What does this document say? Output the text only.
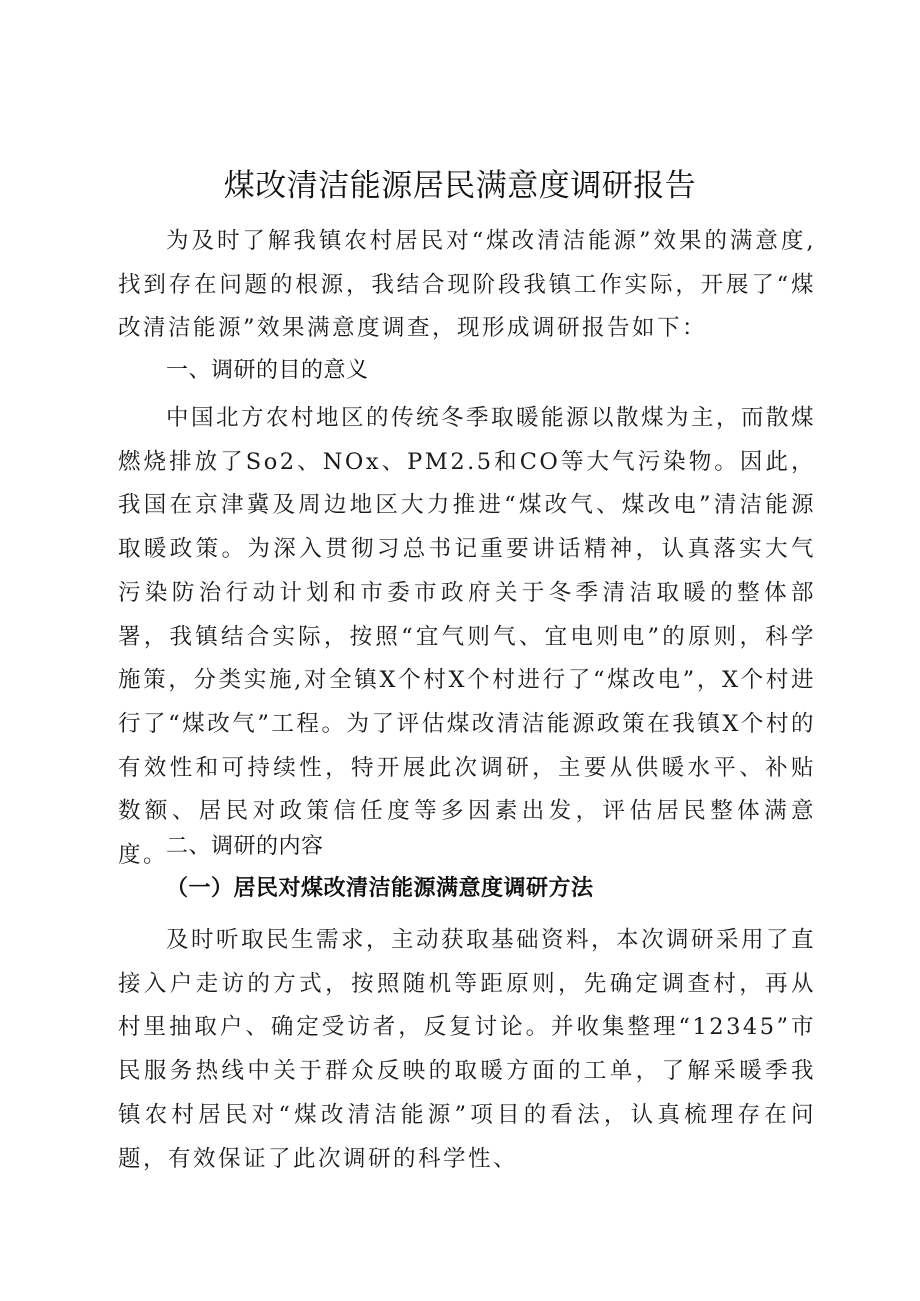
煤改清洁能源居民满意度调研报告

为及时了解我镇农村居民对“煤改清洁能源”效果的满意度,找到存在问题的根源，我结合现阶段我镇工作实际，开展了“煤改清洁能源”效果满意度调查，现形成调研报告如下：

一、调研的目的意义

中国北方农村地区的传统冬季取暖能源以散煤为主，而散煤燃烧排放了So2、NOx、PM2.5和CO等大气污染物。因此，我国在京津冀及周边地区大力推进“煤改气、煤改电”清洁能源取暖政策。为深入贯彻习总书记重要讲话精神，认真落实大气污染防治行动计划和市委市政府关于冬季清洁取暖的整体部署，我镇结合实际，按照“宜气则气、宜电则电”的原则，科学施策，分类实施,对全镇X个村X个村进行了“煤改电”，X个村进行了“煤改气”工程。为了评估煤改清洁能源政策在我镇X个村的有效性和可持续性，特开展此次调研，主要从供暖水平、补贴数额、居民对政策信任度等多因素出发，评估居民整体满意度。

二、调研的内容
（一）居民对煤改清洁能源满意度调研方法

及时听取民生需求，主动获取基础资料，本次调研采用了直接入户走访的方式，按照随机等距原则，先确定调查村，再从村里抽取户、确定受访者，反复讨论。并收集整理“12345”市民服务热线中关于群众反映的取暖方面的工单，了解采暖季我镇农村居民对“煤改清洁能源”项目的看法，认真梳理存在问题，有效保证了此次调研的科学性、
